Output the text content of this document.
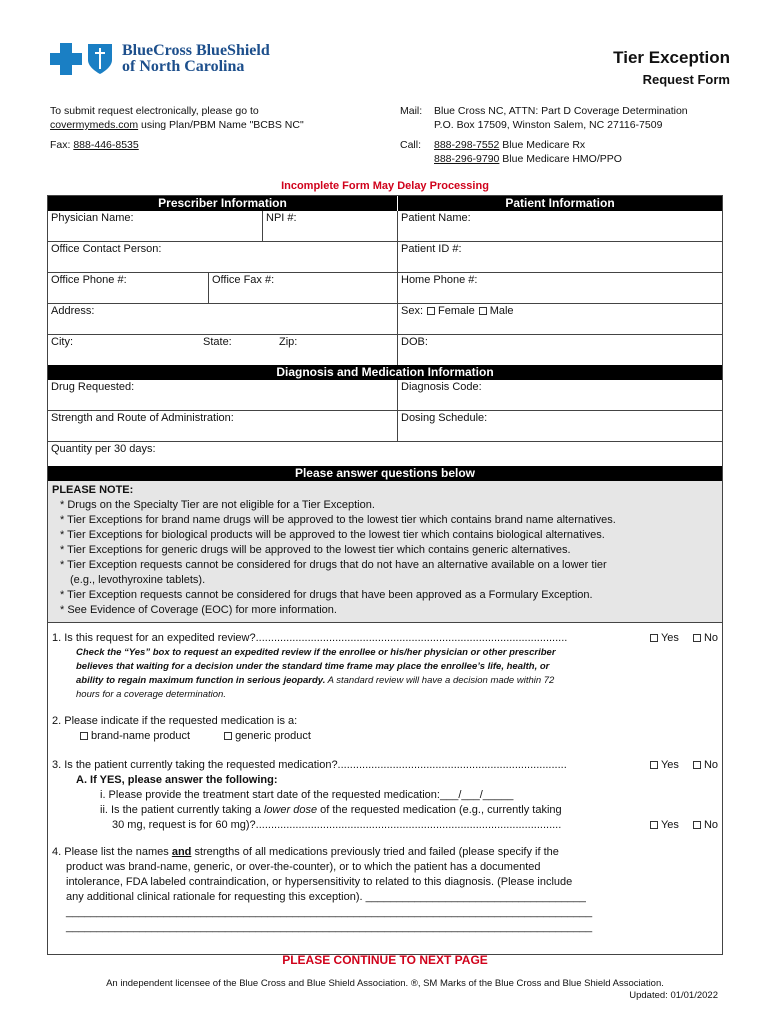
BlueCross BlueShield
of North Carolina	Tier Exception
Request Form
To submit request electronically, please go to
covermymeds.com using Plan/PBM Name "BCBS NC"
Fax: 888-446-8535
Mail:	Blue Cross NC, ATTN: Part D Coverage Determination
P.O. Box 17509, Winston Salem, NC 27116-7509
Call:	888-298-7552 Blue Medicare Rx
888-296-9790 Blue Medicare HMO/PPO
Incomplete Form May Delay Processing
Prescriber Information	Patient Information
Physician Name:	NPI #:	Patient Name:
Office Contact Person:	Patient ID #:
Office Phone #:	Office Fax #:	Home Phone #:
Address:	Sex: Female Male
City:	State:	Zip:	DOB:
Diagnosis and Medication Information
Drug Requested:	Diagnosis Code:
Strength and Route of Administration:	Dosing Schedule:
Quantity per 30 days:
Please answer questions below
PLEASE NOTE:
* Drugs on the Specialty Tier are not eligible for a Tier Exception.
* Tier Exceptions for brand name drugs will be approved to the lowest tier which contains brand name alternatives.
* Tier Exceptions for biological products will be approved to the lowest tier which contains biological alternatives.
* Tier Exceptions for generic drugs will be approved to the lowest tier which contains generic alternatives.
* Tier Exception requests cannot be considered for drugs that do not have an alternative available on a lower tier
(e.g., levothyroxine tablets).
* Tier Exception requests cannot be considered for drugs that have been approved as a Formulary Exception.
* See Evidence of Coverage (EOC) for more information.
1. Is this request for an expedited review?......................................................................................................	Yes No
Check the “Yes” box to request an expedited review if the enrollee or his/her physician or other prescriber
believes that waiting for a decision under the standard time frame may place the enrollee’s life, health, or
ability to regain maximum function in serious jeopardy. A standard review will have a decision made within 72
hours for a coverage determination.
2. Please indicate if the requested medication is a:
brand-name product	generic product
3. Is the patient currently taking the requested medication?...........................................................................	Yes No
A. If YES, please answer the following:
i. Please provide the treatment start date of the requested medication:___/___/_____
ii. Is the patient currently taking a lower dose of the requested medication (e.g., currently taking
30 mg, request is for 60 mg)?....................................................................................................	Yes No
4. Please list the names and strengths of all medications previously tried and failed (please specify if the
product was brand-name, generic, or over-the-counter), or to which the patient has a documented
intolerance, FDA labeled contraindication, or hypersensitivity to related to this diagnosis. (Please include
any additional clinical rationale for requesting this exception). ____________________________________
______________________________________________________________________________________
______________________________________________________________________________________
PLEASE CONTINUE TO NEXT PAGE
An independent licensee of the Blue Cross and Blue Shield Association. ®, SM Marks of the Blue Cross and Blue Shield Association.
Updated: 01/01/2022
